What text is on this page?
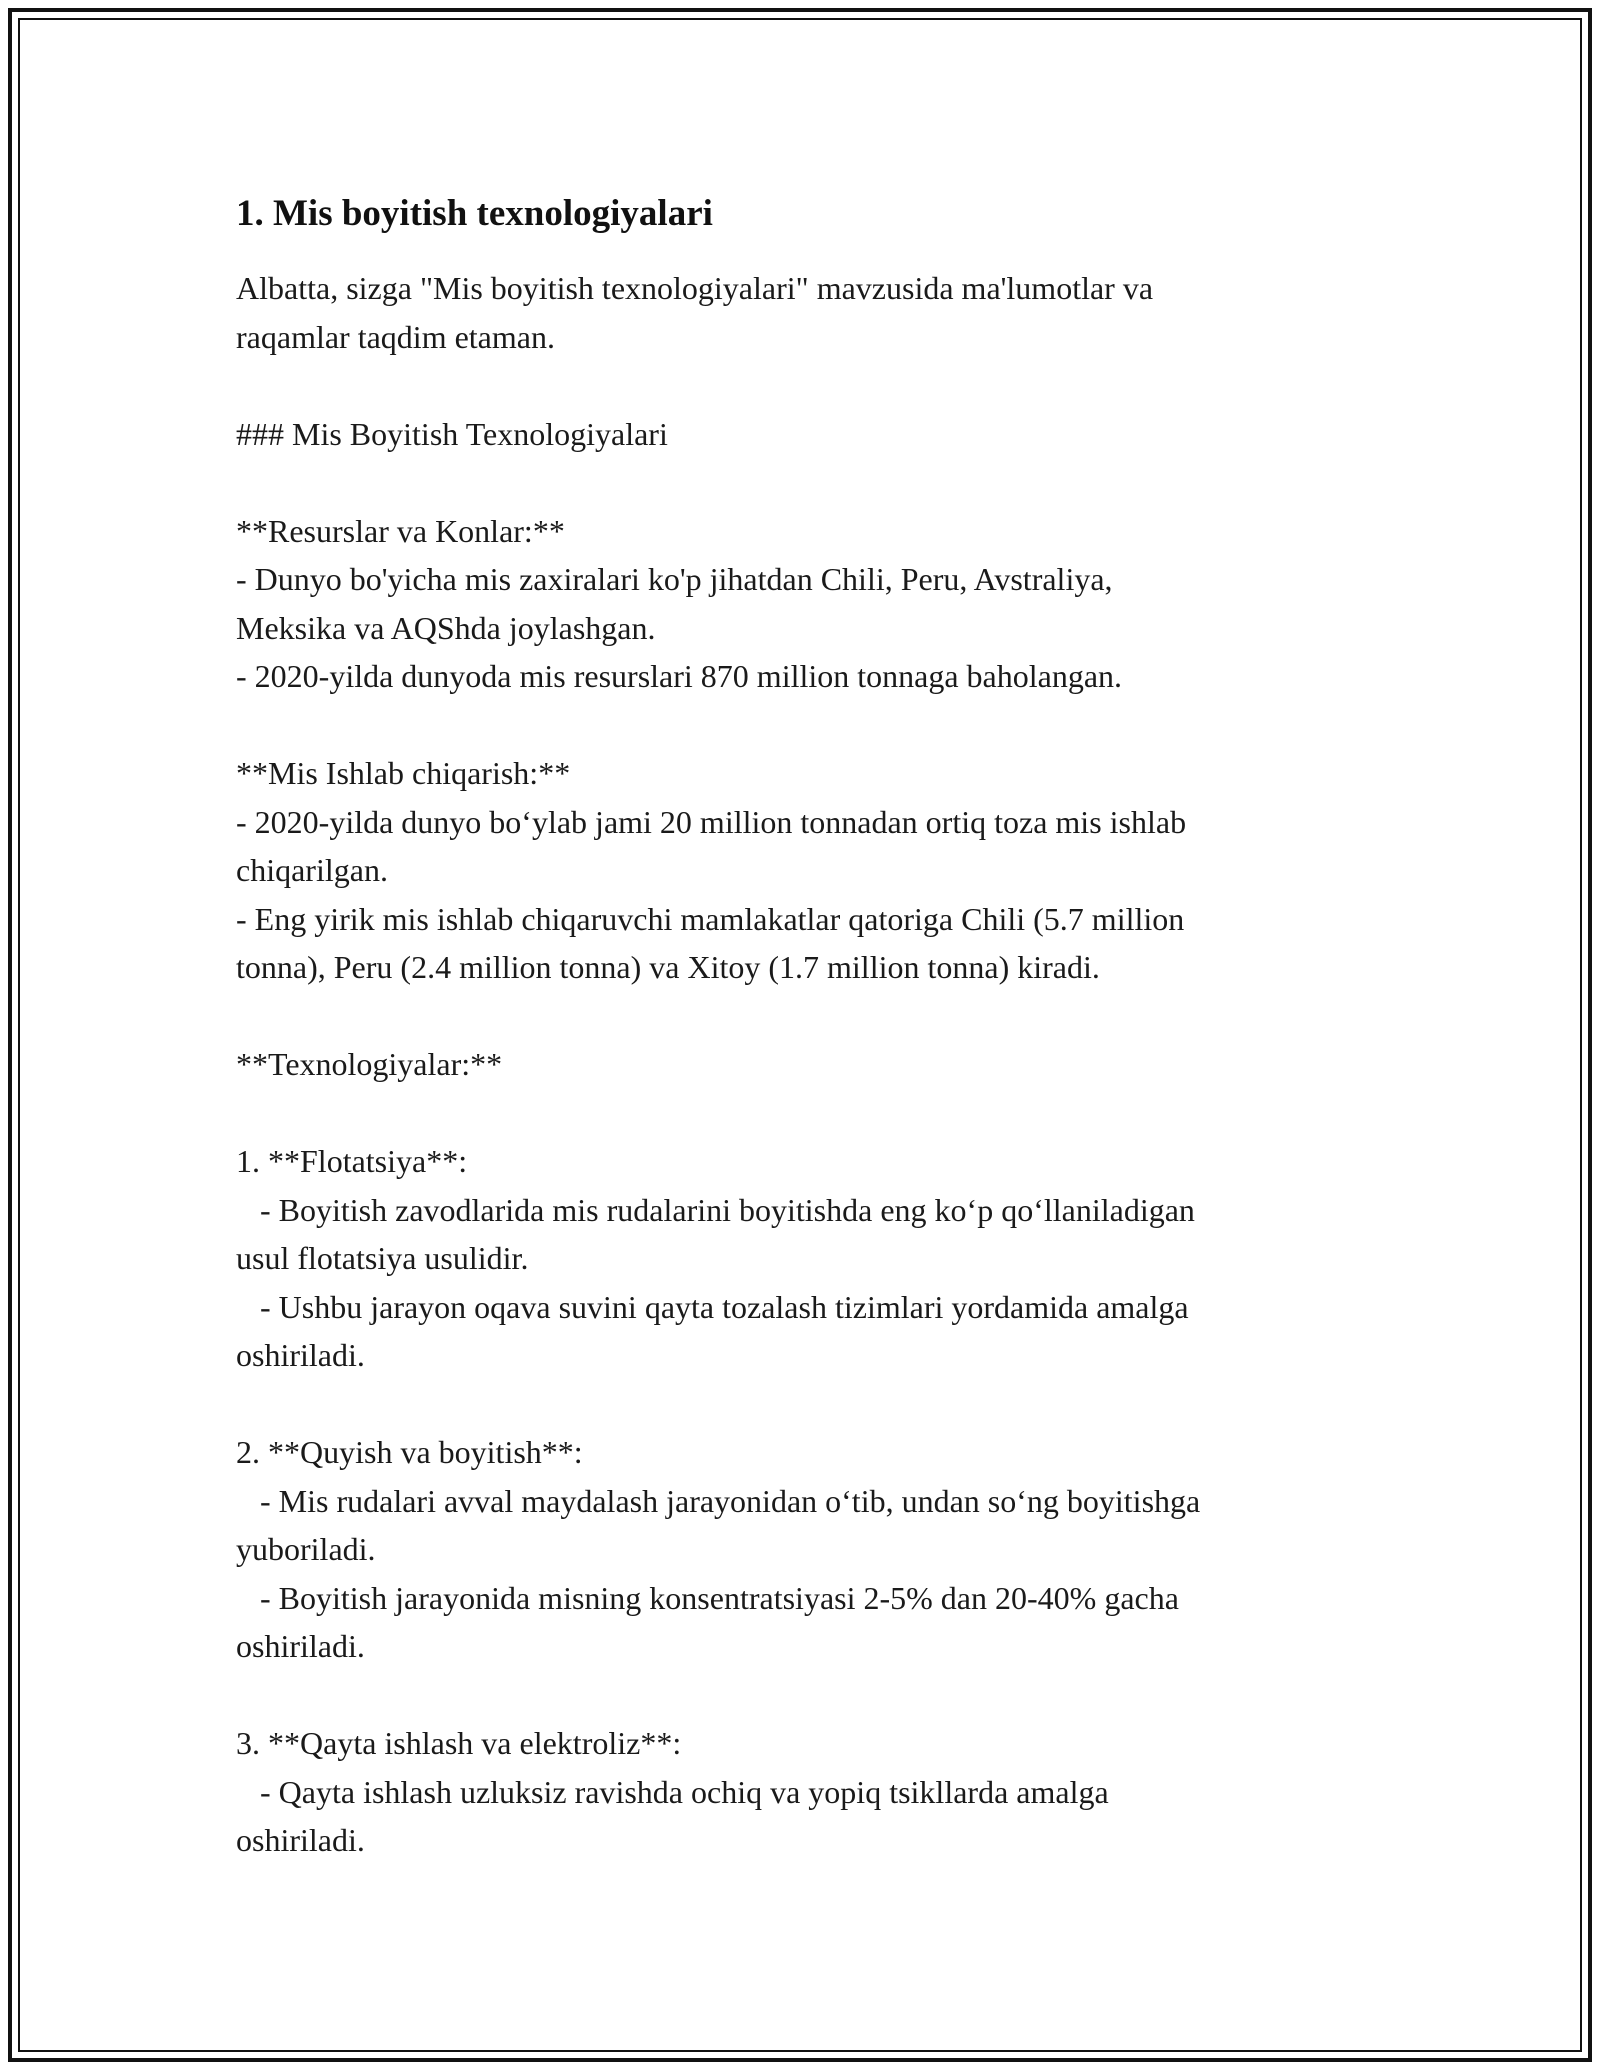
1. Mis boyitish texnologiyalari
Albatta, sizga "Mis boyitish texnologiyalari" mavzusida ma'lumotlar va
raqamlar taqdim etaman.
### Mis Boyitish Texnologiyalari
**Resurslar va Konlar:**
- Dunyo bo'yicha mis zaxiralari ko'p jihatdan Chili, Peru, Avstraliya,
Meksika va AQShda joylashgan.
- 2020-yilda dunyoda mis resurslari 870 million tonnaga baholangan.
**Mis Ishlab chiqarish:**
- 2020-yilda dunyo bo‘ylab jami 20 million tonnadan ortiq toza mis ishlab
chiqarilgan.
- Eng yirik mis ishlab chiqaruvchi mamlakatlar qatoriga Chili (5.7 million
tonna), Peru (2.4 million tonna) va Xitoy (1.7 million tonna) kiradi.
**Texnologiyalar:**
1. **Flotatsiya**:
- Boyitish zavodlarida mis rudalarini boyitishda eng ko‘p qo‘llaniladigan
usul flotatsiya usulidir.
- Ushbu jarayon oqava suvini qayta tozalash tizimlari yordamida amalga
oshiriladi.
2. **Quyish va boyitish**:
- Mis rudalari avval maydalash jarayonidan o‘tib, undan so‘ng boyitishga
yuboriladi.
- Boyitish jarayonida misning konsentratsiyasi 2-5% dan 20-40% gacha
oshiriladi.
3. **Qayta ishlash va elektroliz**:
- Qayta ishlash uzluksiz ravishda ochiq va yopiq tsikllarda amalga
oshiriladi.
